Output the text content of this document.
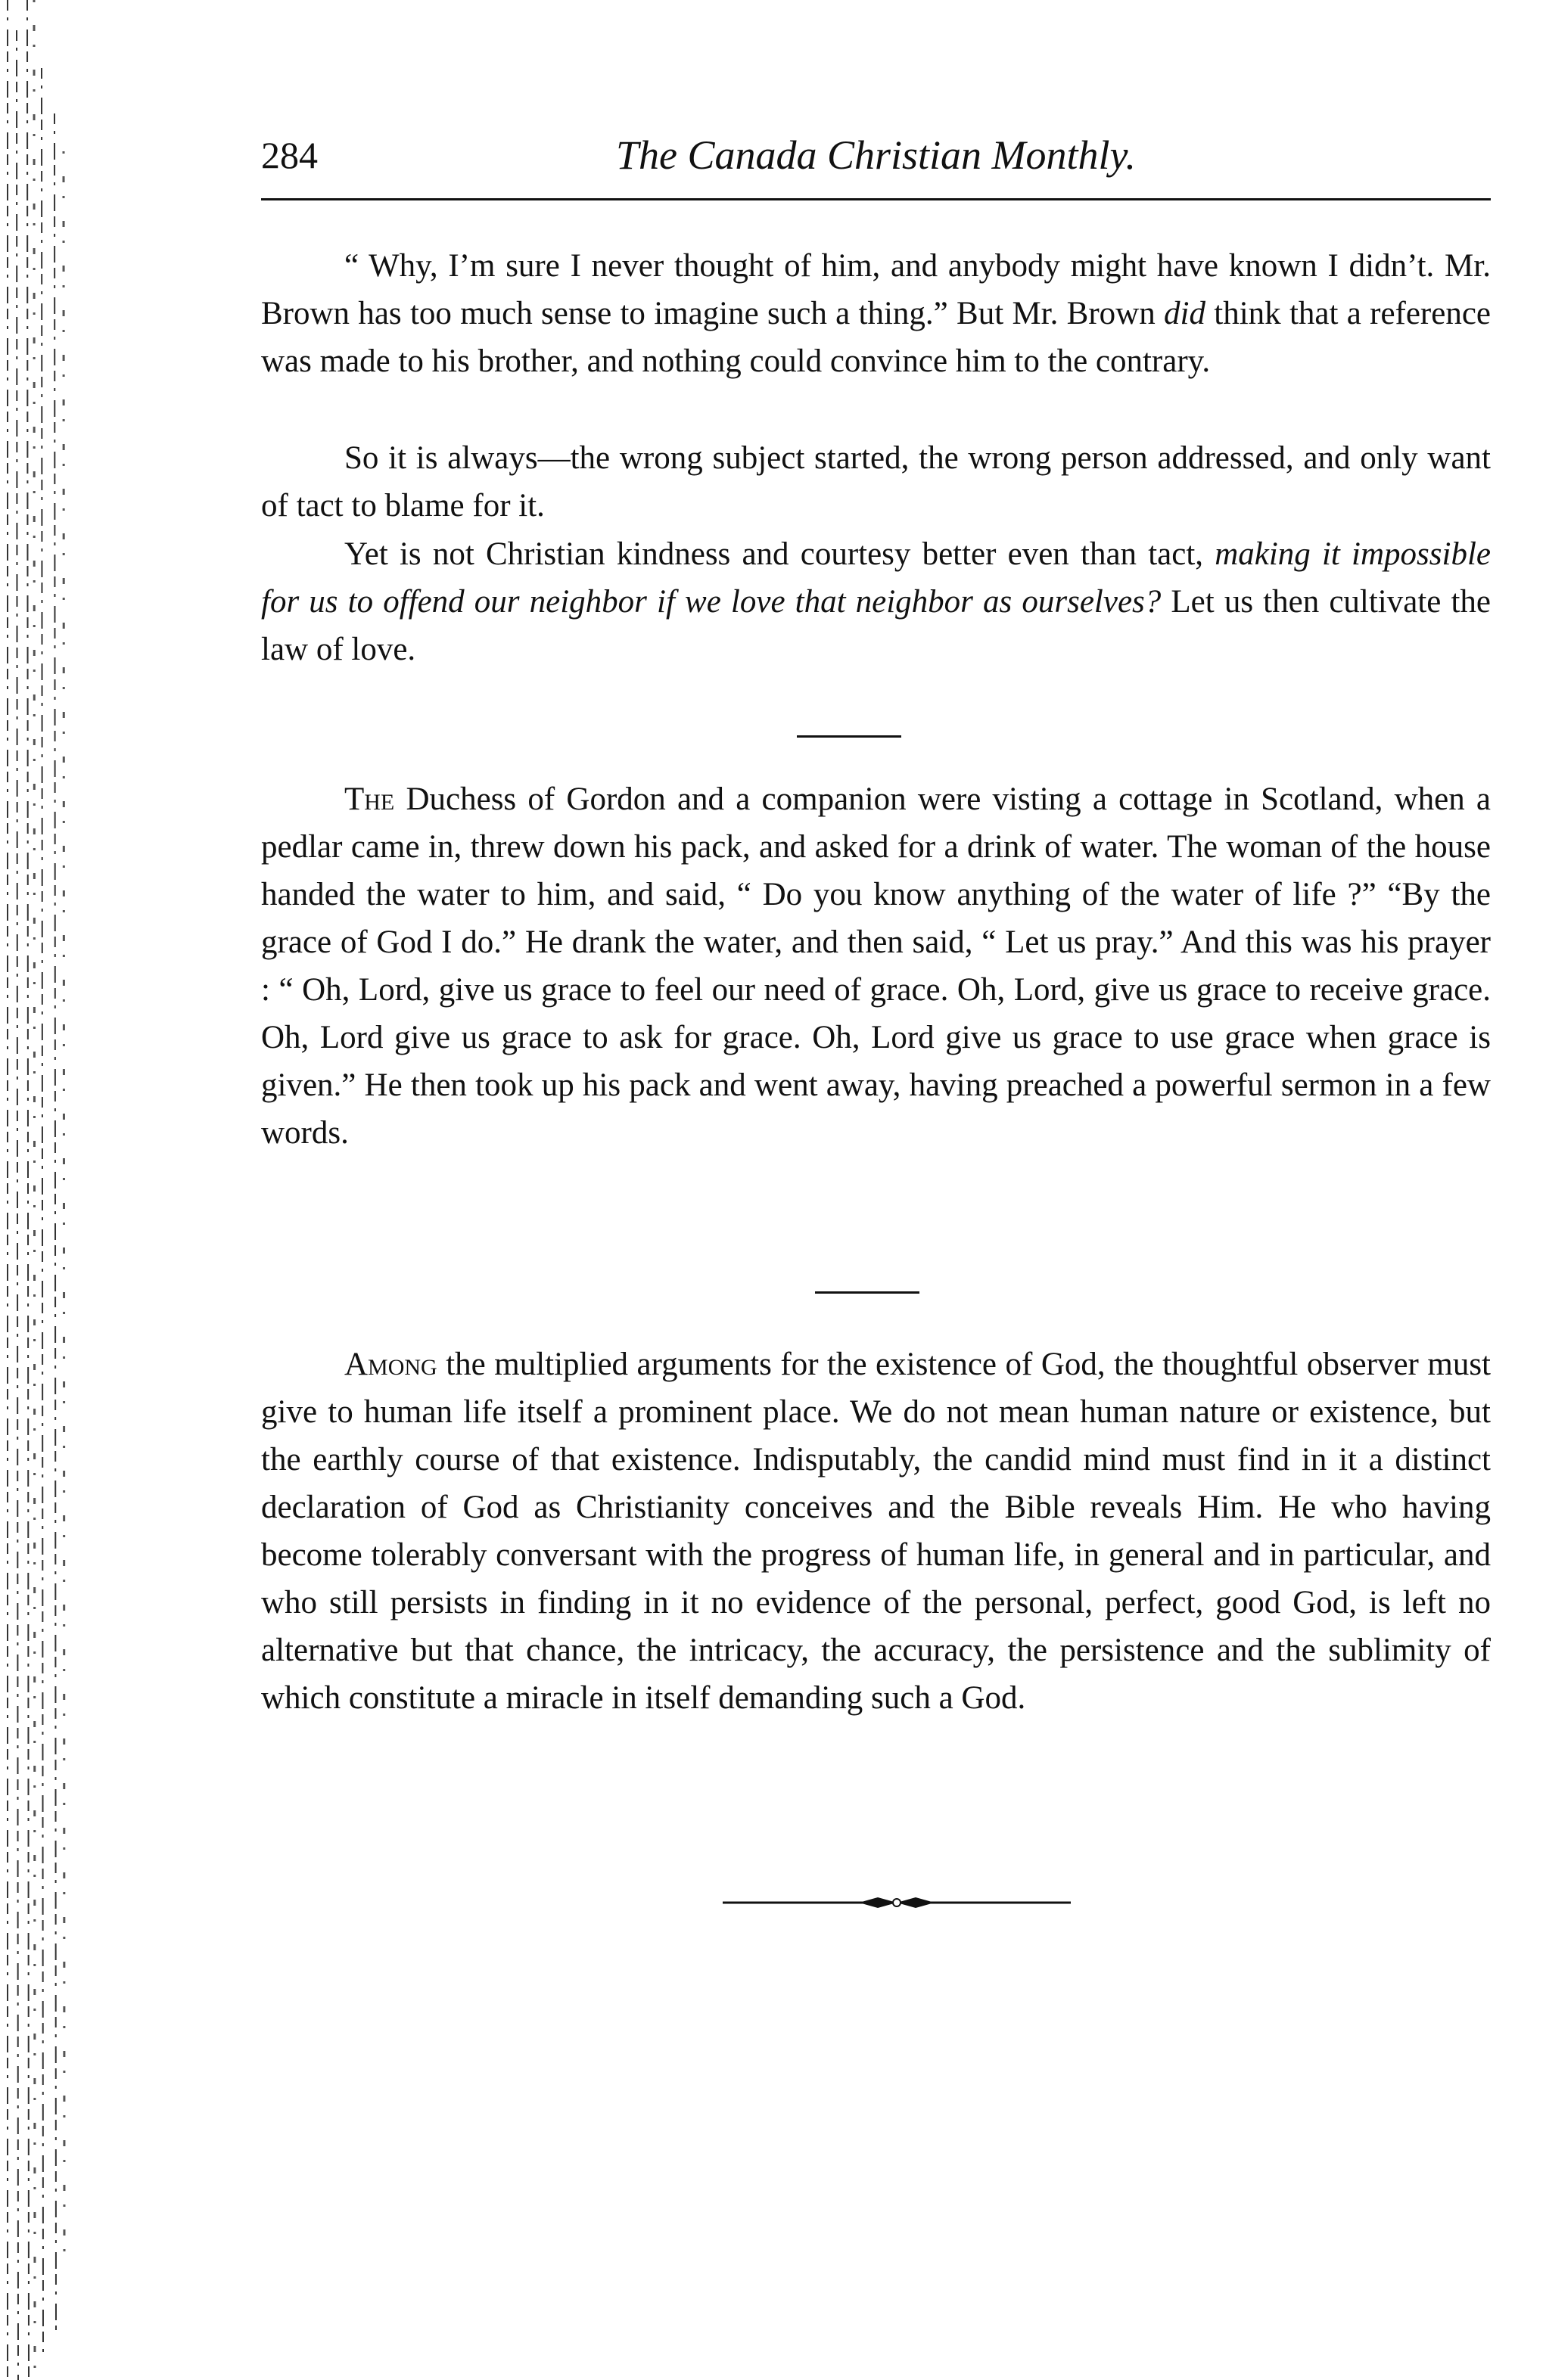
284	The Canada Christian Monthly.

“ Why, I’m sure I never thought of him, and anybody might have known I didn’t. Mr. Brown has too much sense to imagine such a thing.” But Mr. Brown did think that a reference was made to his brother, and nothing could convince him to the contrary.

So it is always—the wrong subject started, the wrong person addressed, and only want of tact to blame for it.

Yet is not Christian kindness and courtesy better even than tact, making it impossible for us to offend our neighbor if we love that neighbor as ourselves? Let us then cultivate the law of love.

The Duchess of Gordon and a companion were visting a cottage in Scotland, when a pedlar came in, threw down his pack, and asked for a drink of water. The woman of the house handed the water to him, and said, “ Do you know anything of the water of life ?” “By the grace of God I do.” He drank the water, and then said, “ Let us pray.” And this was his prayer : “ Oh, Lord, give us grace to feel our need of grace. Oh, Lord, give us grace to receive grace. Oh, Lord give us grace to ask for grace. Oh, Lord give us grace to use grace when grace is given.” He then took up his pack and went away, having preached a powerful sermon in a few words.

Among the multiplied arguments for the existence of God, the thoughtful observer must give to human life itself a prominent place. We do not mean human nature or existence, but the earthly course of that existence. Indisputably, the candid mind must find in it a distinct declaration of God as Christianity conceives and the Bible reveals Him. He who having become tolerably conversant with the progress of human life, in general and in particular, and who still persists in finding in it no evidence of the personal, perfect, good God, is left no alternative but that chance, the intricacy, the accuracy, the persistence and the sublimity of which constitute a miracle in itself demanding such a God.
